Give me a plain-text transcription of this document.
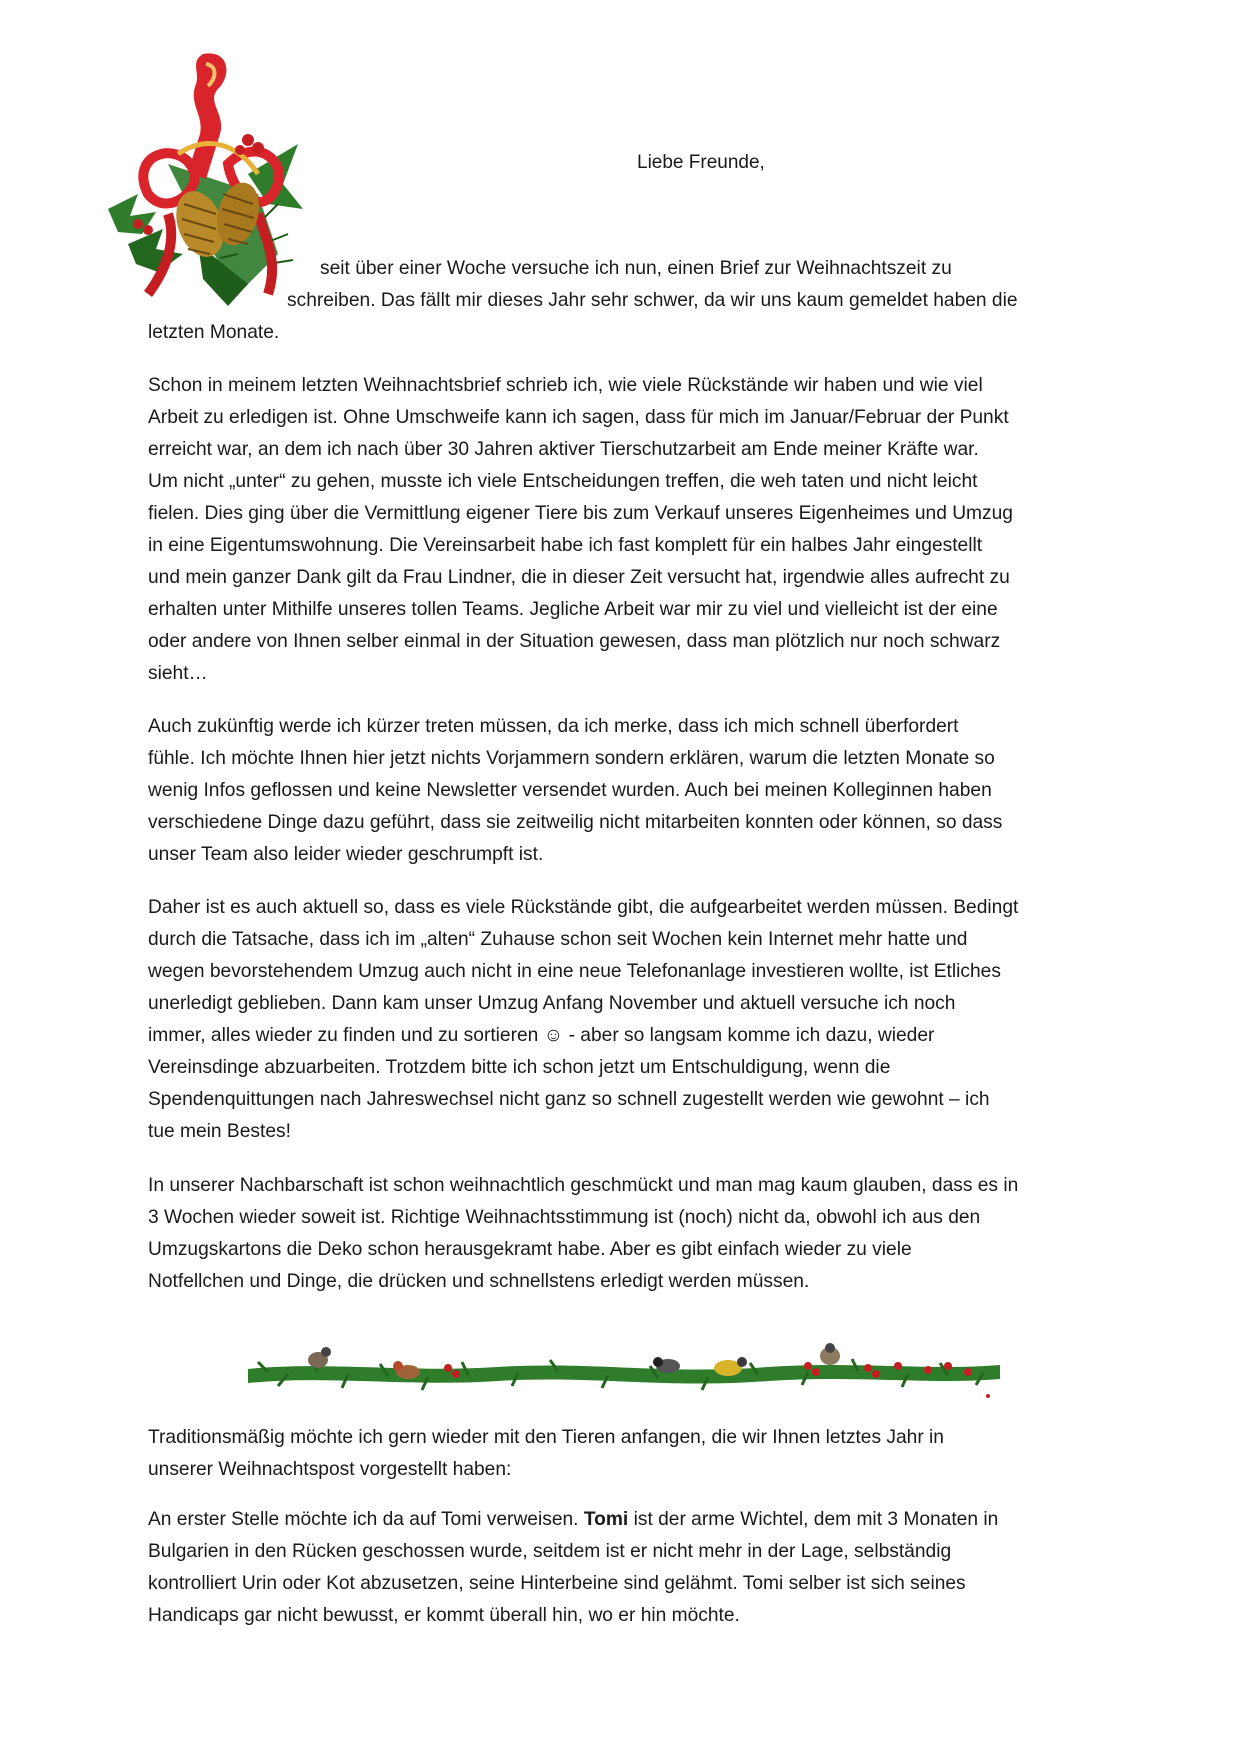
Liebe Freunde,
seit über einer Woche versuche ich nun, einen Brief zur Weihnachtszeit zu
schreiben. Das fällt mir dieses Jahr sehr schwer, da wir uns kaum gemeldet haben die
letzten Monate.
Schon in meinem letzten Weihnachtsbrief schrieb ich, wie viele Rückstände wir haben und wie viel
Arbeit zu erledigen ist. Ohne Umschweife kann ich sagen, dass für mich im Januar/Februar der Punkt
erreicht war, an dem ich nach über 30 Jahren aktiver Tierschutzarbeit am Ende meiner Kräfte war.
Um nicht „unter“ zu gehen, musste ich viele Entscheidungen treffen, die weh taten und nicht leicht
fielen. Dies ging über die Vermittlung eigener Tiere bis zum Verkauf unseres Eigenheimes und Umzug
in eine Eigentumswohnung. Die Vereinsarbeit habe ich fast komplett für ein halbes Jahr eingestellt
und mein ganzer Dank gilt da Frau Lindner, die in dieser Zeit versucht hat, irgendwie alles aufrecht zu
erhalten unter Mithilfe unseres tollen Teams. Jegliche Arbeit war mir zu viel und vielleicht ist der eine
oder andere von Ihnen selber einmal in der Situation gewesen, dass man plötzlich nur noch schwarz
sieht…
Auch zukünftig werde ich kürzer treten müssen, da ich merke, dass ich mich schnell überfordert
fühle. Ich möchte Ihnen hier jetzt nichts Vorjammern sondern erklären, warum die letzten Monate so
wenig Infos geflossen und keine Newsletter versendet wurden. Auch bei meinen Kolleginnen haben
verschiedene Dinge dazu geführt, dass sie zeitweilig nicht mitarbeiten konnten oder können, so dass
unser Team also leider wieder geschrumpft ist.
Daher ist es auch aktuell so, dass es viele Rückstände gibt, die aufgearbeitet werden müssen. Bedingt
durch die Tatsache, dass ich im „alten“ Zuhause schon seit Wochen kein Internet mehr hatte und
wegen bevorstehendem Umzug auch nicht in eine neue Telefonanlage investieren wollte, ist Etliches
unerledigt geblieben. Dann kam unser Umzug Anfang November und aktuell versuche ich noch
immer, alles wieder zu finden und zu sortieren ☺ - aber so langsam komme ich dazu, wieder
Vereinsdinge abzuarbeiten. Trotzdem bitte ich schon jetzt um Entschuldigung, wenn die
Spendenquittungen nach Jahreswechsel nicht ganz so schnell zugestellt werden wie gewohnt – ich
tue mein Bestes!
In unserer Nachbarschaft ist schon weihnachtlich geschmückt und man mag kaum glauben, dass es in
3 Wochen wieder soweit ist. Richtige Weihnachtsstimmung ist (noch) nicht da, obwohl ich aus den
Umzugskartons die Deko schon herausgekramt habe. Aber es gibt einfach wieder zu viele
Notfellchen und Dinge, die drücken und schnellstens erledigt werden müssen.
Traditionsmäßig möchte ich gern wieder mit den Tieren anfangen, die wir Ihnen letztes Jahr in
unserer Weihnachtspost vorgestellt haben:
An erster Stelle möchte ich da auf Tomi verweisen. Tomi ist der arme Wichtel, dem mit 3 Monaten in
Bulgarien in den Rücken geschossen wurde, seitdem ist er nicht mehr in der Lage, selbständig
kontrolliert Urin oder Kot abzusetzen, seine Hinterbeine sind gelähmt. Tomi selber ist sich seines
Handicaps gar nicht bewusst, er kommt überall hin, wo er hin möchte.
